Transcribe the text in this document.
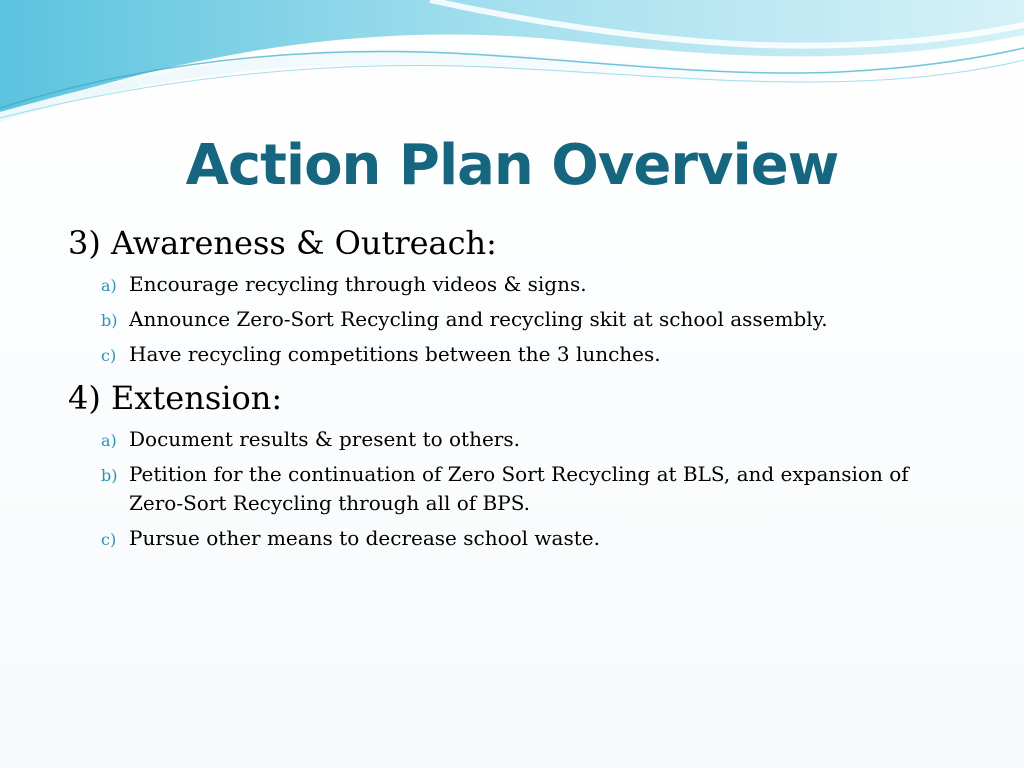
Action Plan Overview
3) Awareness & Outreach:
a) Encourage recycling through videos & signs.
b) Announce Zero-Sort Recycling and recycling skit at school assembly.
c) Have recycling competitions between the 3 lunches.
4) Extension:
a) Document results & present to others.
b) Petition for the continuation of Zero Sort Recycling at BLS, and expansion of Zero-Sort Recycling through all of BPS.
c) Pursue other means to decrease school waste.
